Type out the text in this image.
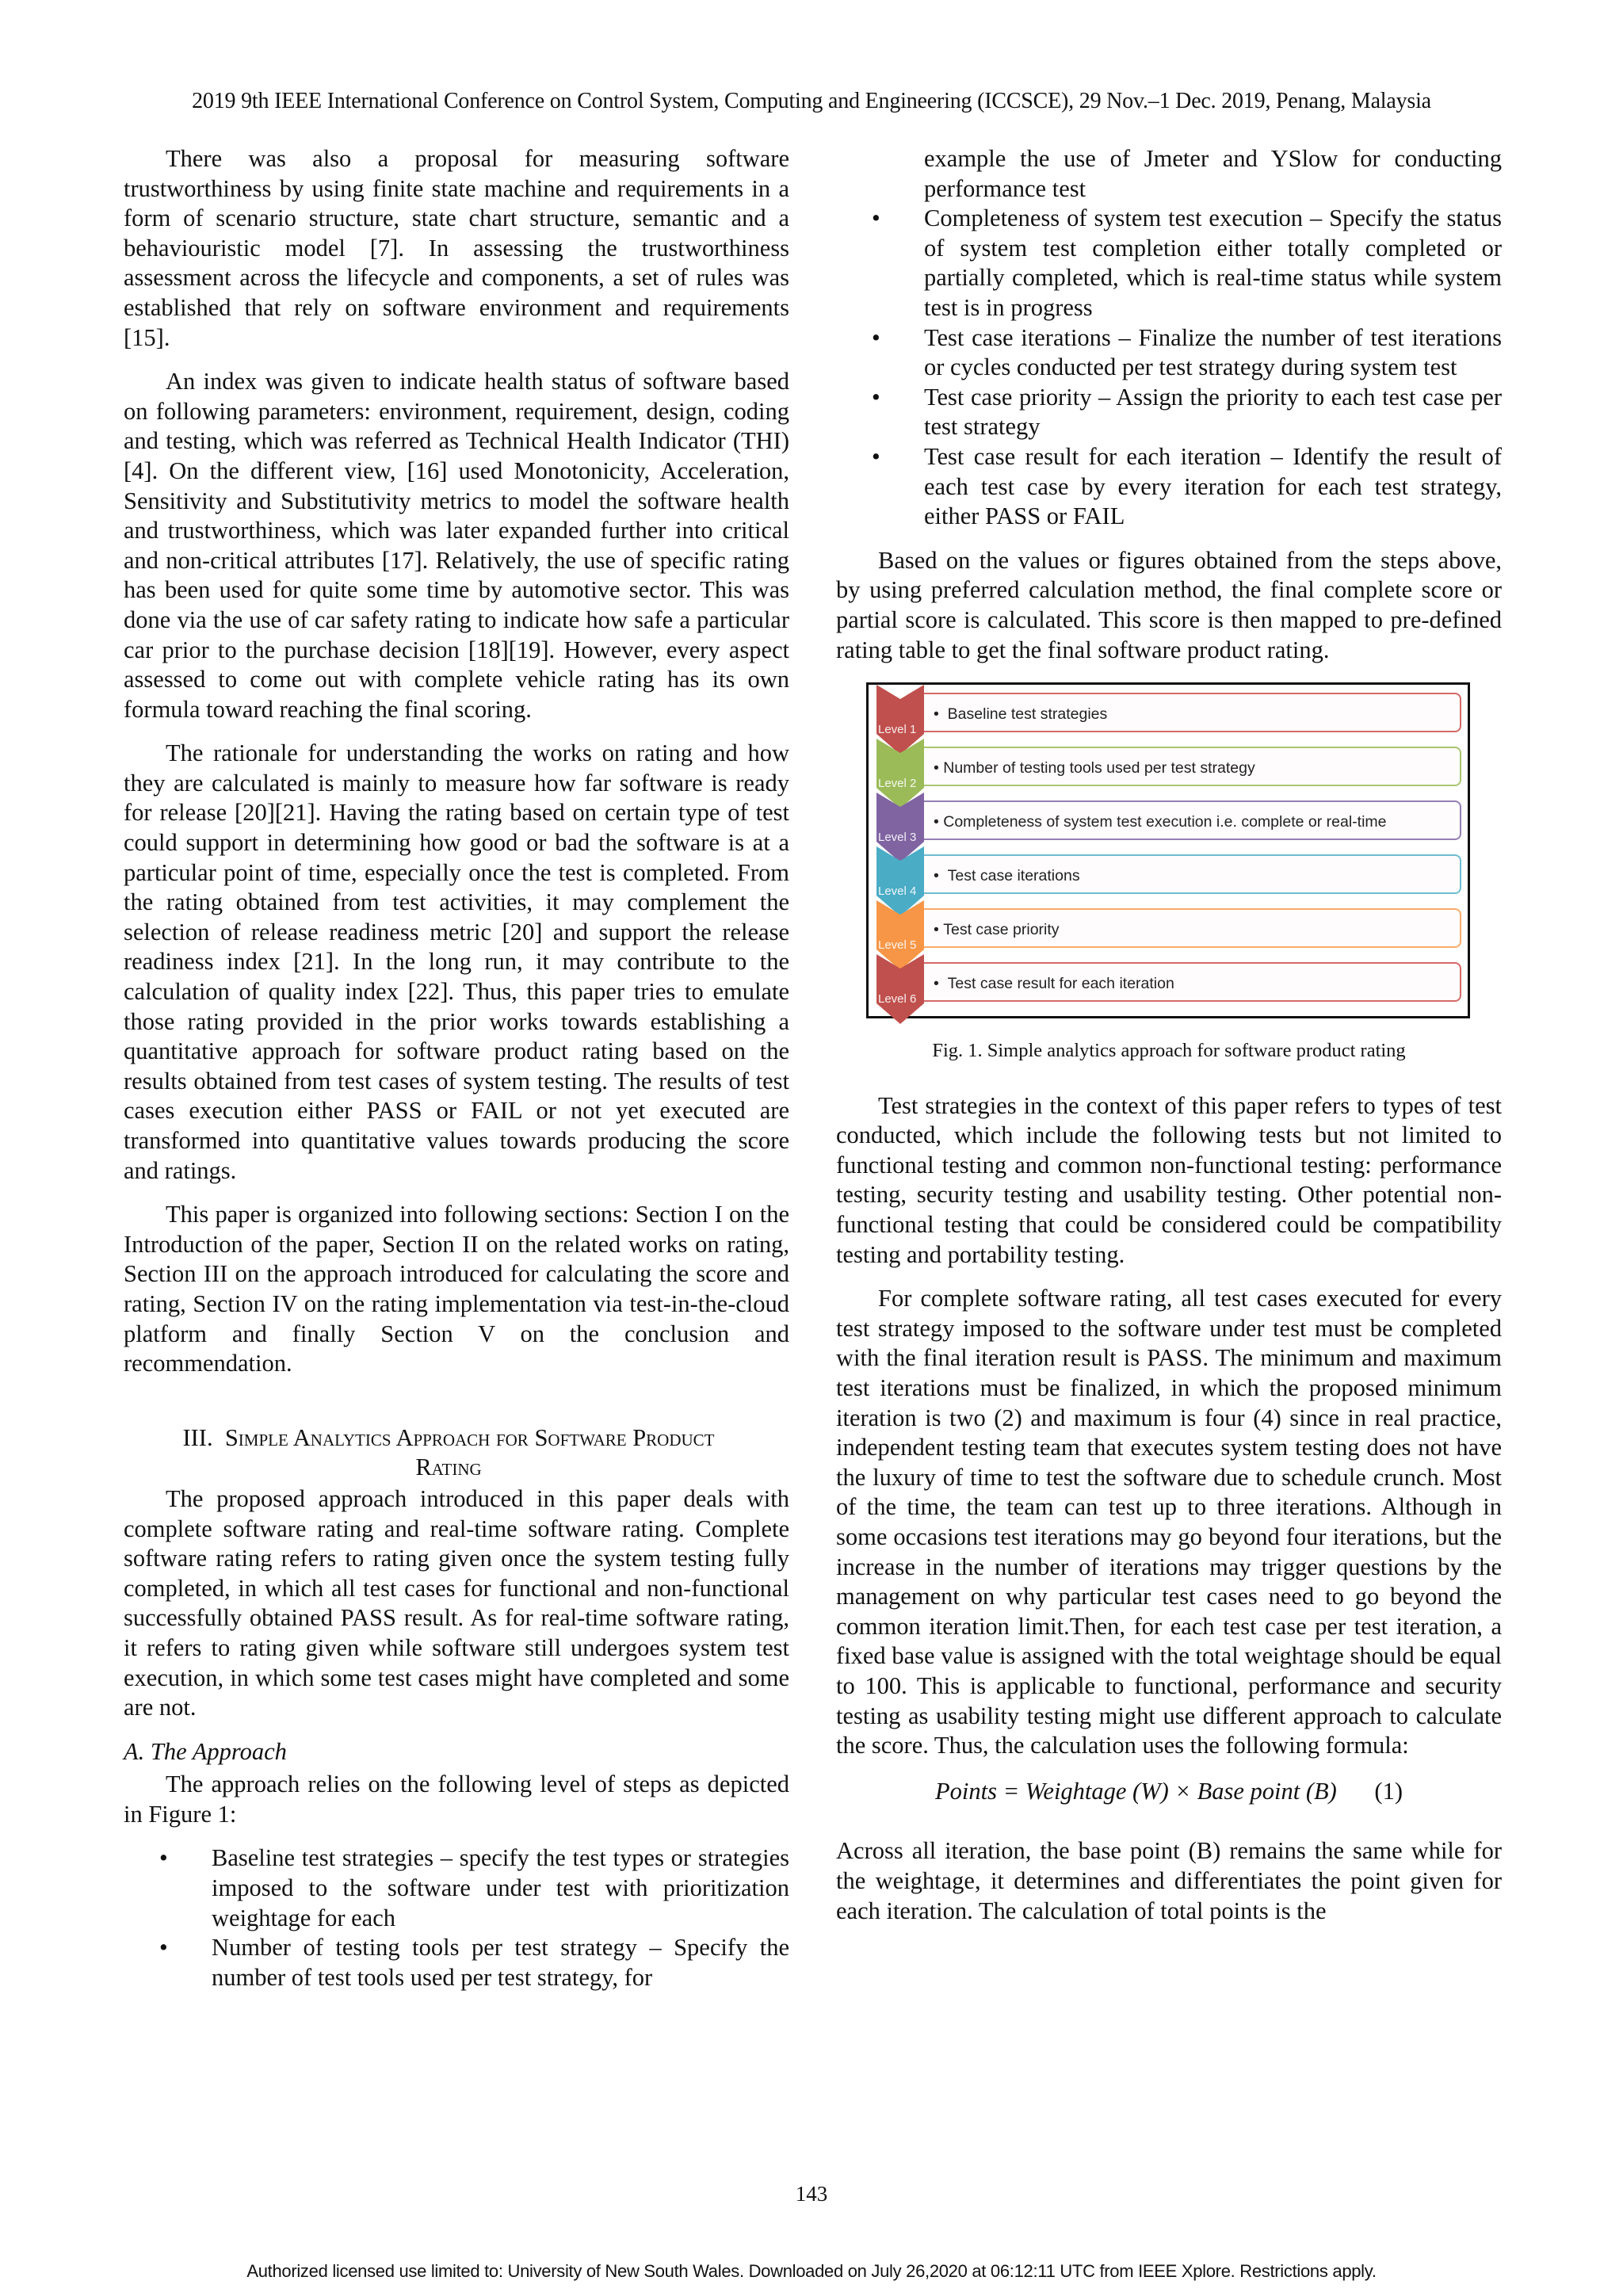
2019 9th IEEE International Conference on Control System, Computing and Engineering (ICCSCE), 29 Nov.–1 Dec. 2019, Penang, Malaysia

There was also a proposal for measuring software trustworthiness by using finite state machine and requirements in a form of scenario structure, state chart structure, semantic and a behaviouristic model [7]. In assessing the trustworthiness assessment across the lifecycle and components, a set of rules was established that rely on software environment and requirements [15].

An index was given to indicate health status of software based on following parameters: environment, requirement, design, coding and testing, which was referred as Technical Health Indicator (THI)[4]. On the different view, [16] used Monotonicity, Acceleration, Sensitivity and Substitutivity metrics to model the software health and trustworthiness, which was later expanded further into critical and non-critical attributes [17]. Relatively, the use of specific rating has been used for quite some time by automotive sector. This was done via the use of car safety rating to indicate how safe a particular car prior to the purchase decision [18][19]. However, every aspect assessed to come out with complete vehicle rating has its own formula toward reaching the final scoring.

The rationale for understanding the works on rating and how they are calculated is mainly to measure how far software is ready for release [20][21]. Having the rating based on certain type of test could support in determining how good or bad the software is at a particular point of time, especially once the test is completed. From the rating obtained from test activities, it may complement the selection of release readiness metric [20] and support the release readiness index [21]. In the long run, it may contribute to the calculation of quality index [22]. Thus, this paper tries to emulate those rating provided in the prior works towards establishing a quantitative approach for software product rating based on the results obtained from test cases of system testing. The results of test cases execution either PASS or FAIL or not yet executed are transformed into quantitative values towards producing the score and ratings.

This paper is organized into following sections: Section I on the Introduction of the paper, Section II on the related works on rating, Section III on the approach introduced for calculating the score and rating, Section IV on the rating implementation via test-in-the-cloud platform and finally Section V on the conclusion and recommendation.

III. Simple Analytics Approach for Software Product
Rating

The proposed approach introduced in this paper deals with complete software rating and real-time software rating. Complete software rating refers to rating given once the system testing fully completed, in which all test cases for functional and non-functional successfully obtained PASS result. As for real-time software rating, it refers to rating given while software still undergoes system test execution, in which some test cases might have completed and some are not.

A. The Approach

The approach relies on the following level of steps as depicted in Figure 1:

• Baseline test strategies – specify the test types or strategies imposed to the software under test with prioritization weightage for each
• Number of testing tools per test strategy – Specify the number of test tools used per test strategy, for
example the use of Jmeter and YSlow for conducting performance test
• Completeness of system test execution – Specify the status of system test completion either totally completed or partially completed, which is real-time status while system test is in progress
• Test case iterations – Finalize the number of test iterations or cycles conducted per test strategy during system test
• Test case priority – Assign the priority to each test case per test strategy
• Test case result for each iteration – Identify the result of each test case by every iteration for each test strategy, either PASS or FAIL

Based on the values or figures obtained from the steps above, by using preferred calculation method, the final complete score or partial score is calculated. This score is then mapped to pre-defined rating table to get the final software product rating.

•  Baseline test strategies
Level 1
• Number of testing tools used per test strategy
Level 2
• Completeness of system test execution i.e. complete or real-time
Level 3
•  Test case iterations
Level 4
• Test case priority
Level 5
•  Test case result for each iteration
Level 6
Fig. 1. Simple analytics approach for software product rating

Test strategies in the context of this paper refers to types of test conducted, which include the following tests but not limited to functional testing and common non-functional testing: performance testing, security testing and usability testing. Other potential non-functional testing that could be considered could be compatibility testing and portability testing.

For complete software rating, all test cases executed for every test strategy imposed to the software under test must be completed with the final iteration result is PASS. The minimum and maximum test iterations must be finalized, in which the proposed minimum iteration is two (2) and maximum is four (4) since in real practice, independent testing team that executes system testing does not have the luxury of time to test the software due to schedule crunch. Most of the time, the team can test up to three iterations. Although in some occasions test iterations may go beyond four iterations, but the increase in the number of iterations may trigger questions by the management on why particular test cases need to go beyond the common iteration limit.Then, for each test case per test iteration, a fixed base value is assigned with the total weightage should be equal to 100. This is applicable to functional, performance and security testing as usability testing might use different approach to calculate the score. Thus, the calculation uses the following formula:

Points = Weightage (W) × Base point (B) (1)

Across all iteration, the base point (B) remains the same while for the weightage, it determines and differentiates the point given for each iteration. The calculation of total points is the

143
Authorized licensed use limited to: University of New South Wales. Downloaded on July 26,2020 at 06:12:11 UTC from IEEE Xplore. Restrictions apply.
